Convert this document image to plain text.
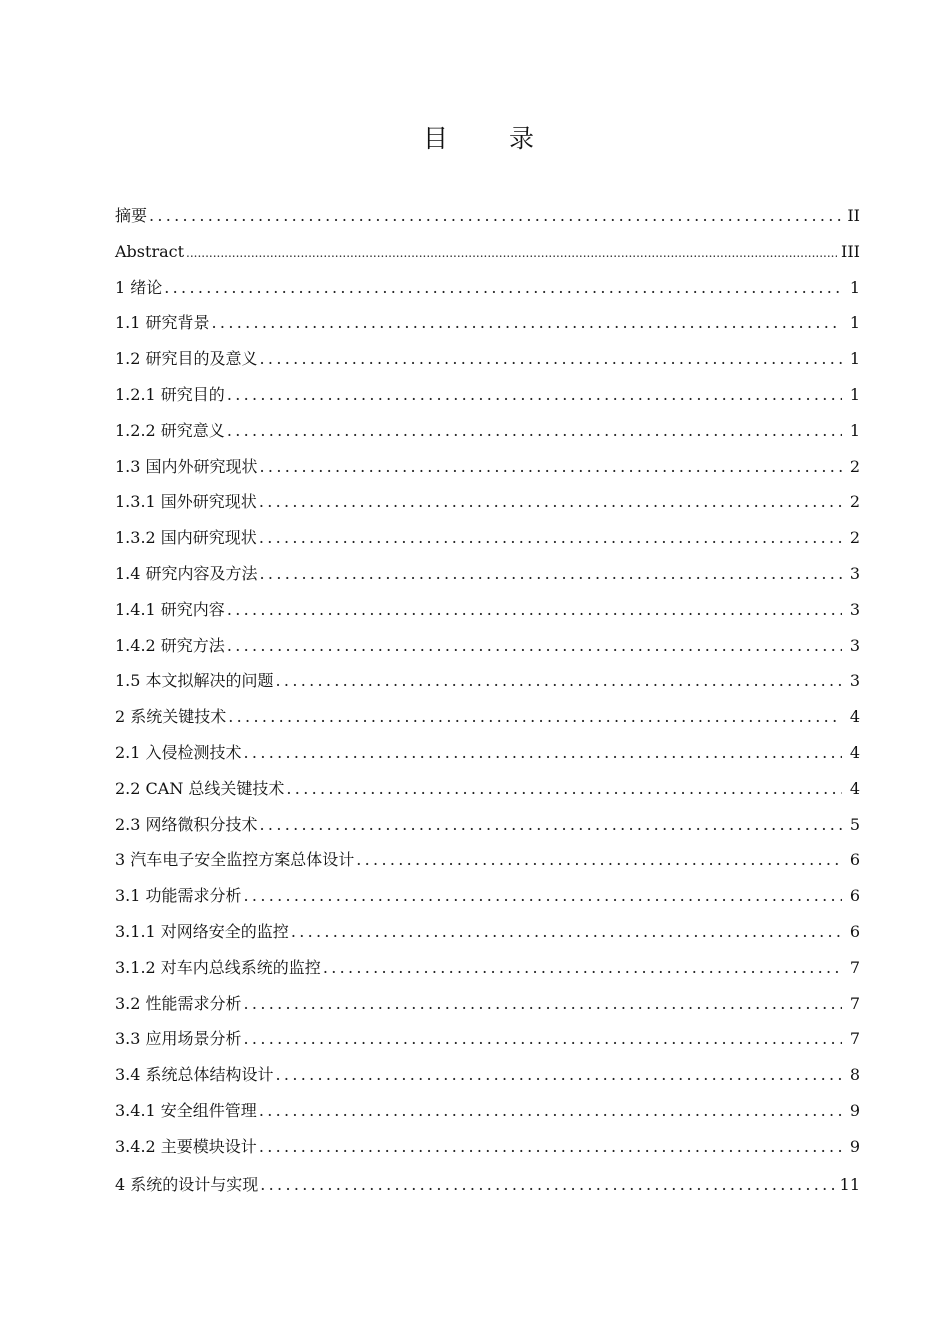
目　录
摘要 .....	II
Abstract .....	III
1 绪论 .....	1
1.1 研究背景 .....	1
1.2 研究目的及意义 .....	1
1.2.1 研究目的 .....	1
1.2.2 研究意义 .....	1
1.3 国内外研究现状 .....	2
1.3.1 国外研究现状 .....	2
1.3.2 国内研究现状 .....	2
1.4 研究内容及方法 .....	3
1.4.1 研究内容 .....	3
1.4.2 研究方法 .....	3
1.5 本文拟解决的问题 .....	3
2 系统关键技术 .....	4
2.1 入侵检测技术 .....	4
2.2 CAN 总线关键技术 .....	4
2.3 网络微积分技术 .....	5
3 汽车电子安全监控方案总体设计 .....	6
3.1 功能需求分析 .....	6
3.1.1 对网络安全的监控 .....	6
3.1.2 对车内总线系统的监控 .....	7
3.2 性能需求分析 .....	7
3.3 应用场景分析 .....	7
3.4 系统总体结构设计 .....	8
3.4.1 安全组件管理 .....	9
3.4.2 主要模块设计 .....	9
4 系统的设计与实现 .....	11
